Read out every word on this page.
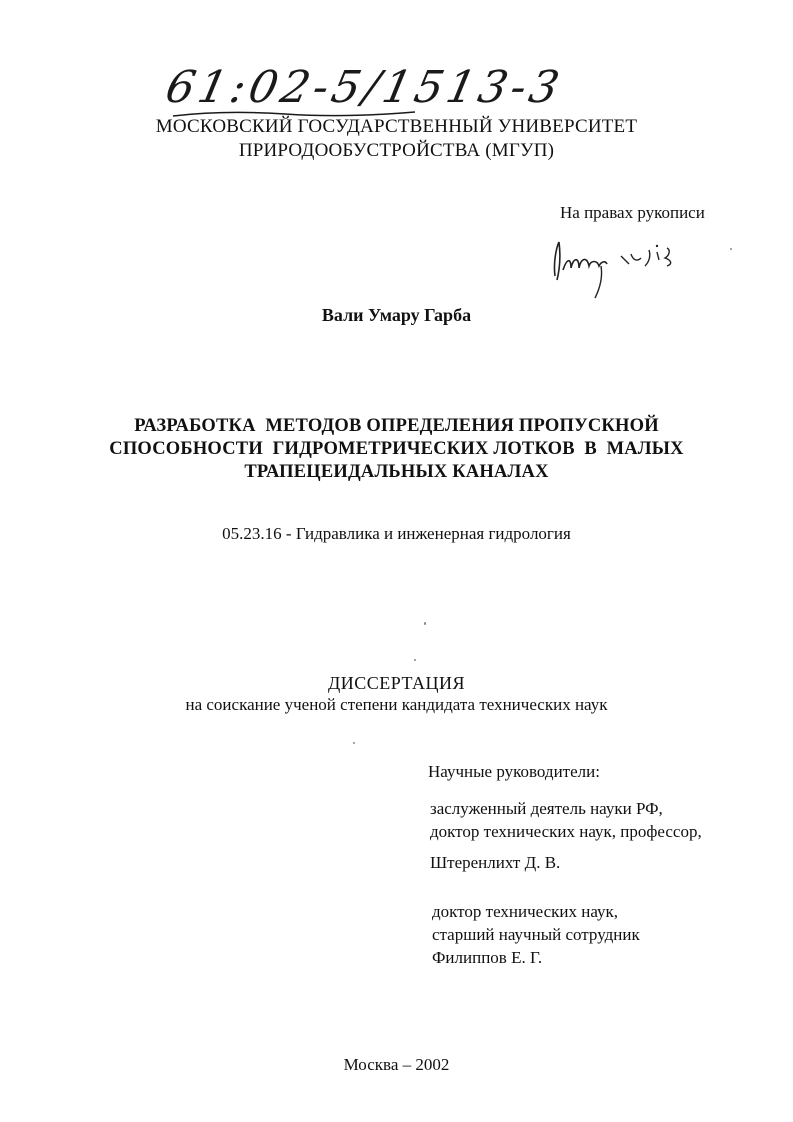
61:02-5/1513-3
МОСКОВСКИЙ ГОСУДАРСТВЕННЫЙ УНИВЕРСИТЕТ
ПРИРОДООБУСТРОЙСТВА (МГУП)
На правах рукописи
Вали Умару Гарба
РАЗРАБОТКА  МЕТОДОВ ОПРЕДЕЛЕНИЯ ПРОПУСКНОЙ
СПОСОБНОСТИ  ГИДРОМЕТРИЧЕСКИХ ЛОТКОВ  В  МАЛЫХ
ТРАПЕЦЕИДАЛЬНЫХ КАНАЛАХ
05.23.16 - Гидравлика и инженерная гидрология
ДИССЕРТАЦИЯ
на соискание ученой степени кандидата технических наук
Научные руководители:
заслуженный деятель науки РФ,
доктор технических наук, профессор,
Штеренлихт Д. В.
доктор технических наук,
старший научный сотрудник
Филиппов Е. Г.
Москва – 2002
